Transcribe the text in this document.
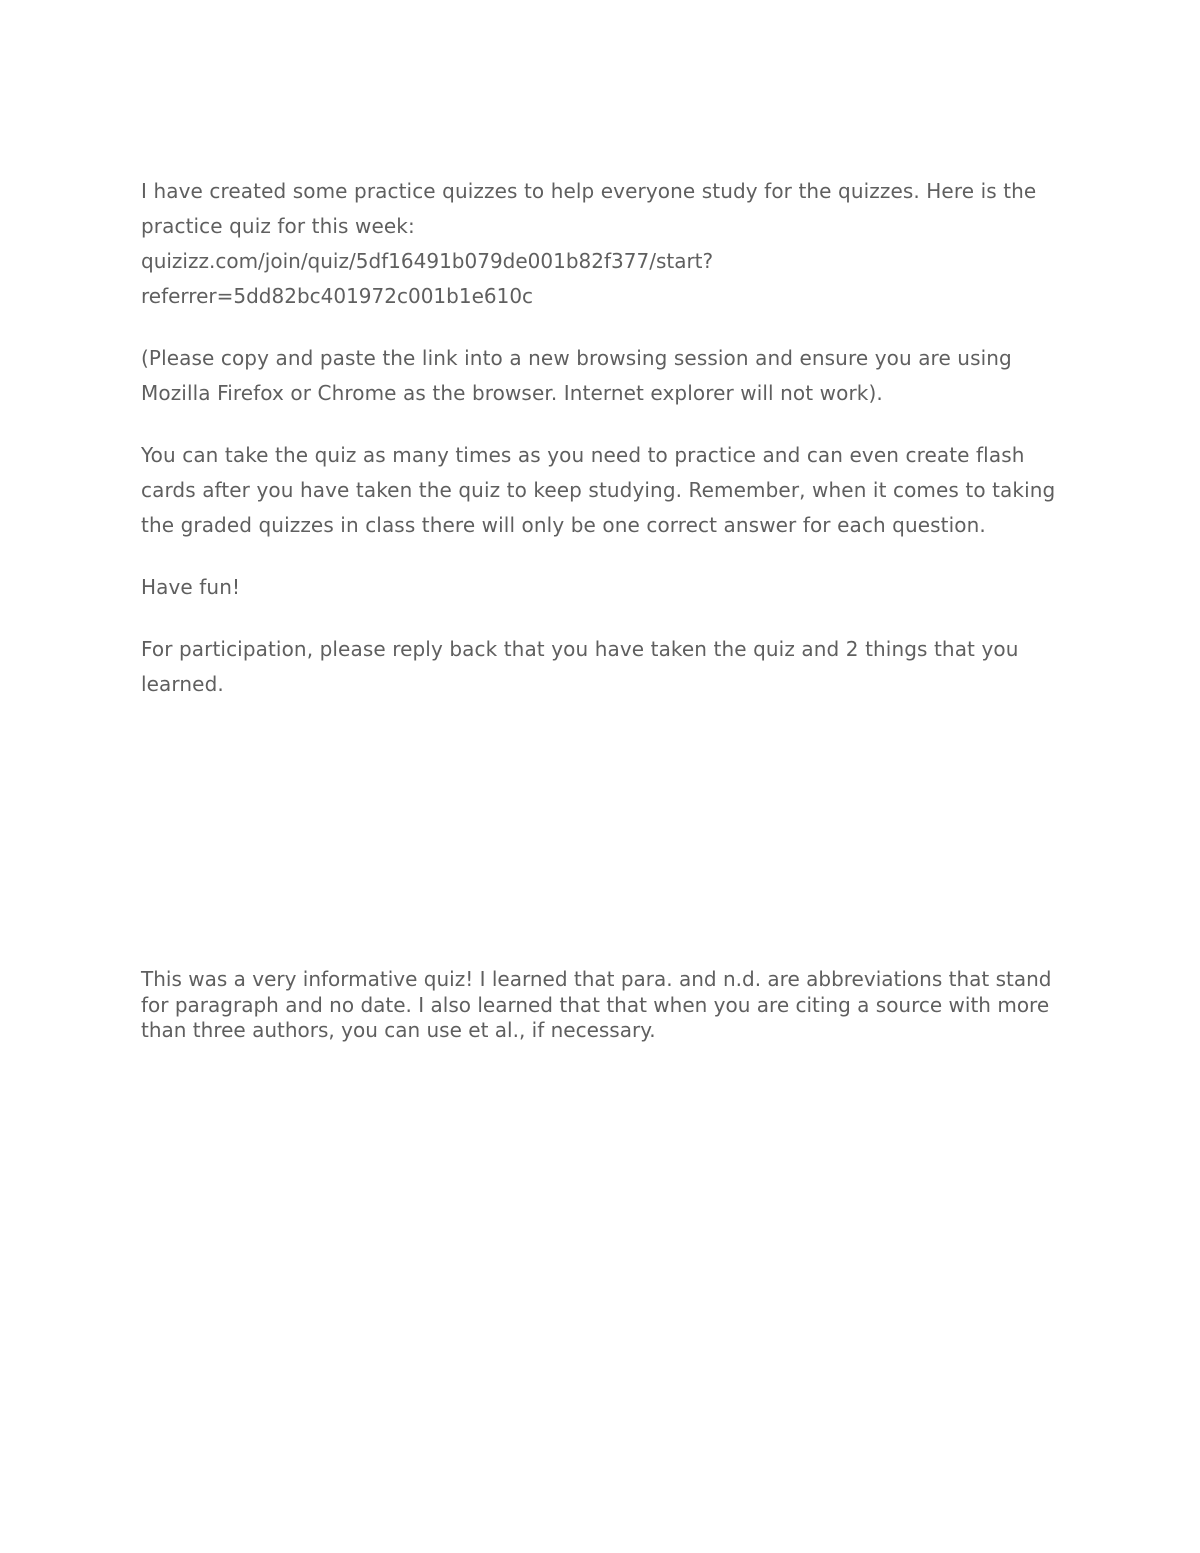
I have created some practice quizzes to help everyone study for the quizzes. Here is the practice quiz for this week:

quizizz.com/join/quiz/5df16491b079de001b82f377/start?
referrer=5dd82bc401972c001b1e610c

(Please copy and paste the link into a new browsing session and ensure you are using Mozilla Firefox or Chrome as the browser. Internet explorer will not work).

You can take the quiz as many times as you need to practice and can even create flash cards after you have taken the quiz to keep studying. Remember, when it comes to taking the graded quizzes in class there will only be one correct answer for each question.

Have fun!

For participation, please reply back that you have taken the quiz and 2 things that you learned.

This was a very informative quiz! I learned that para. and n.d. are abbreviations that stand for paragraph and no date. I also learned that that when you are citing a source with more than three authors, you can use et al., if necessary.
